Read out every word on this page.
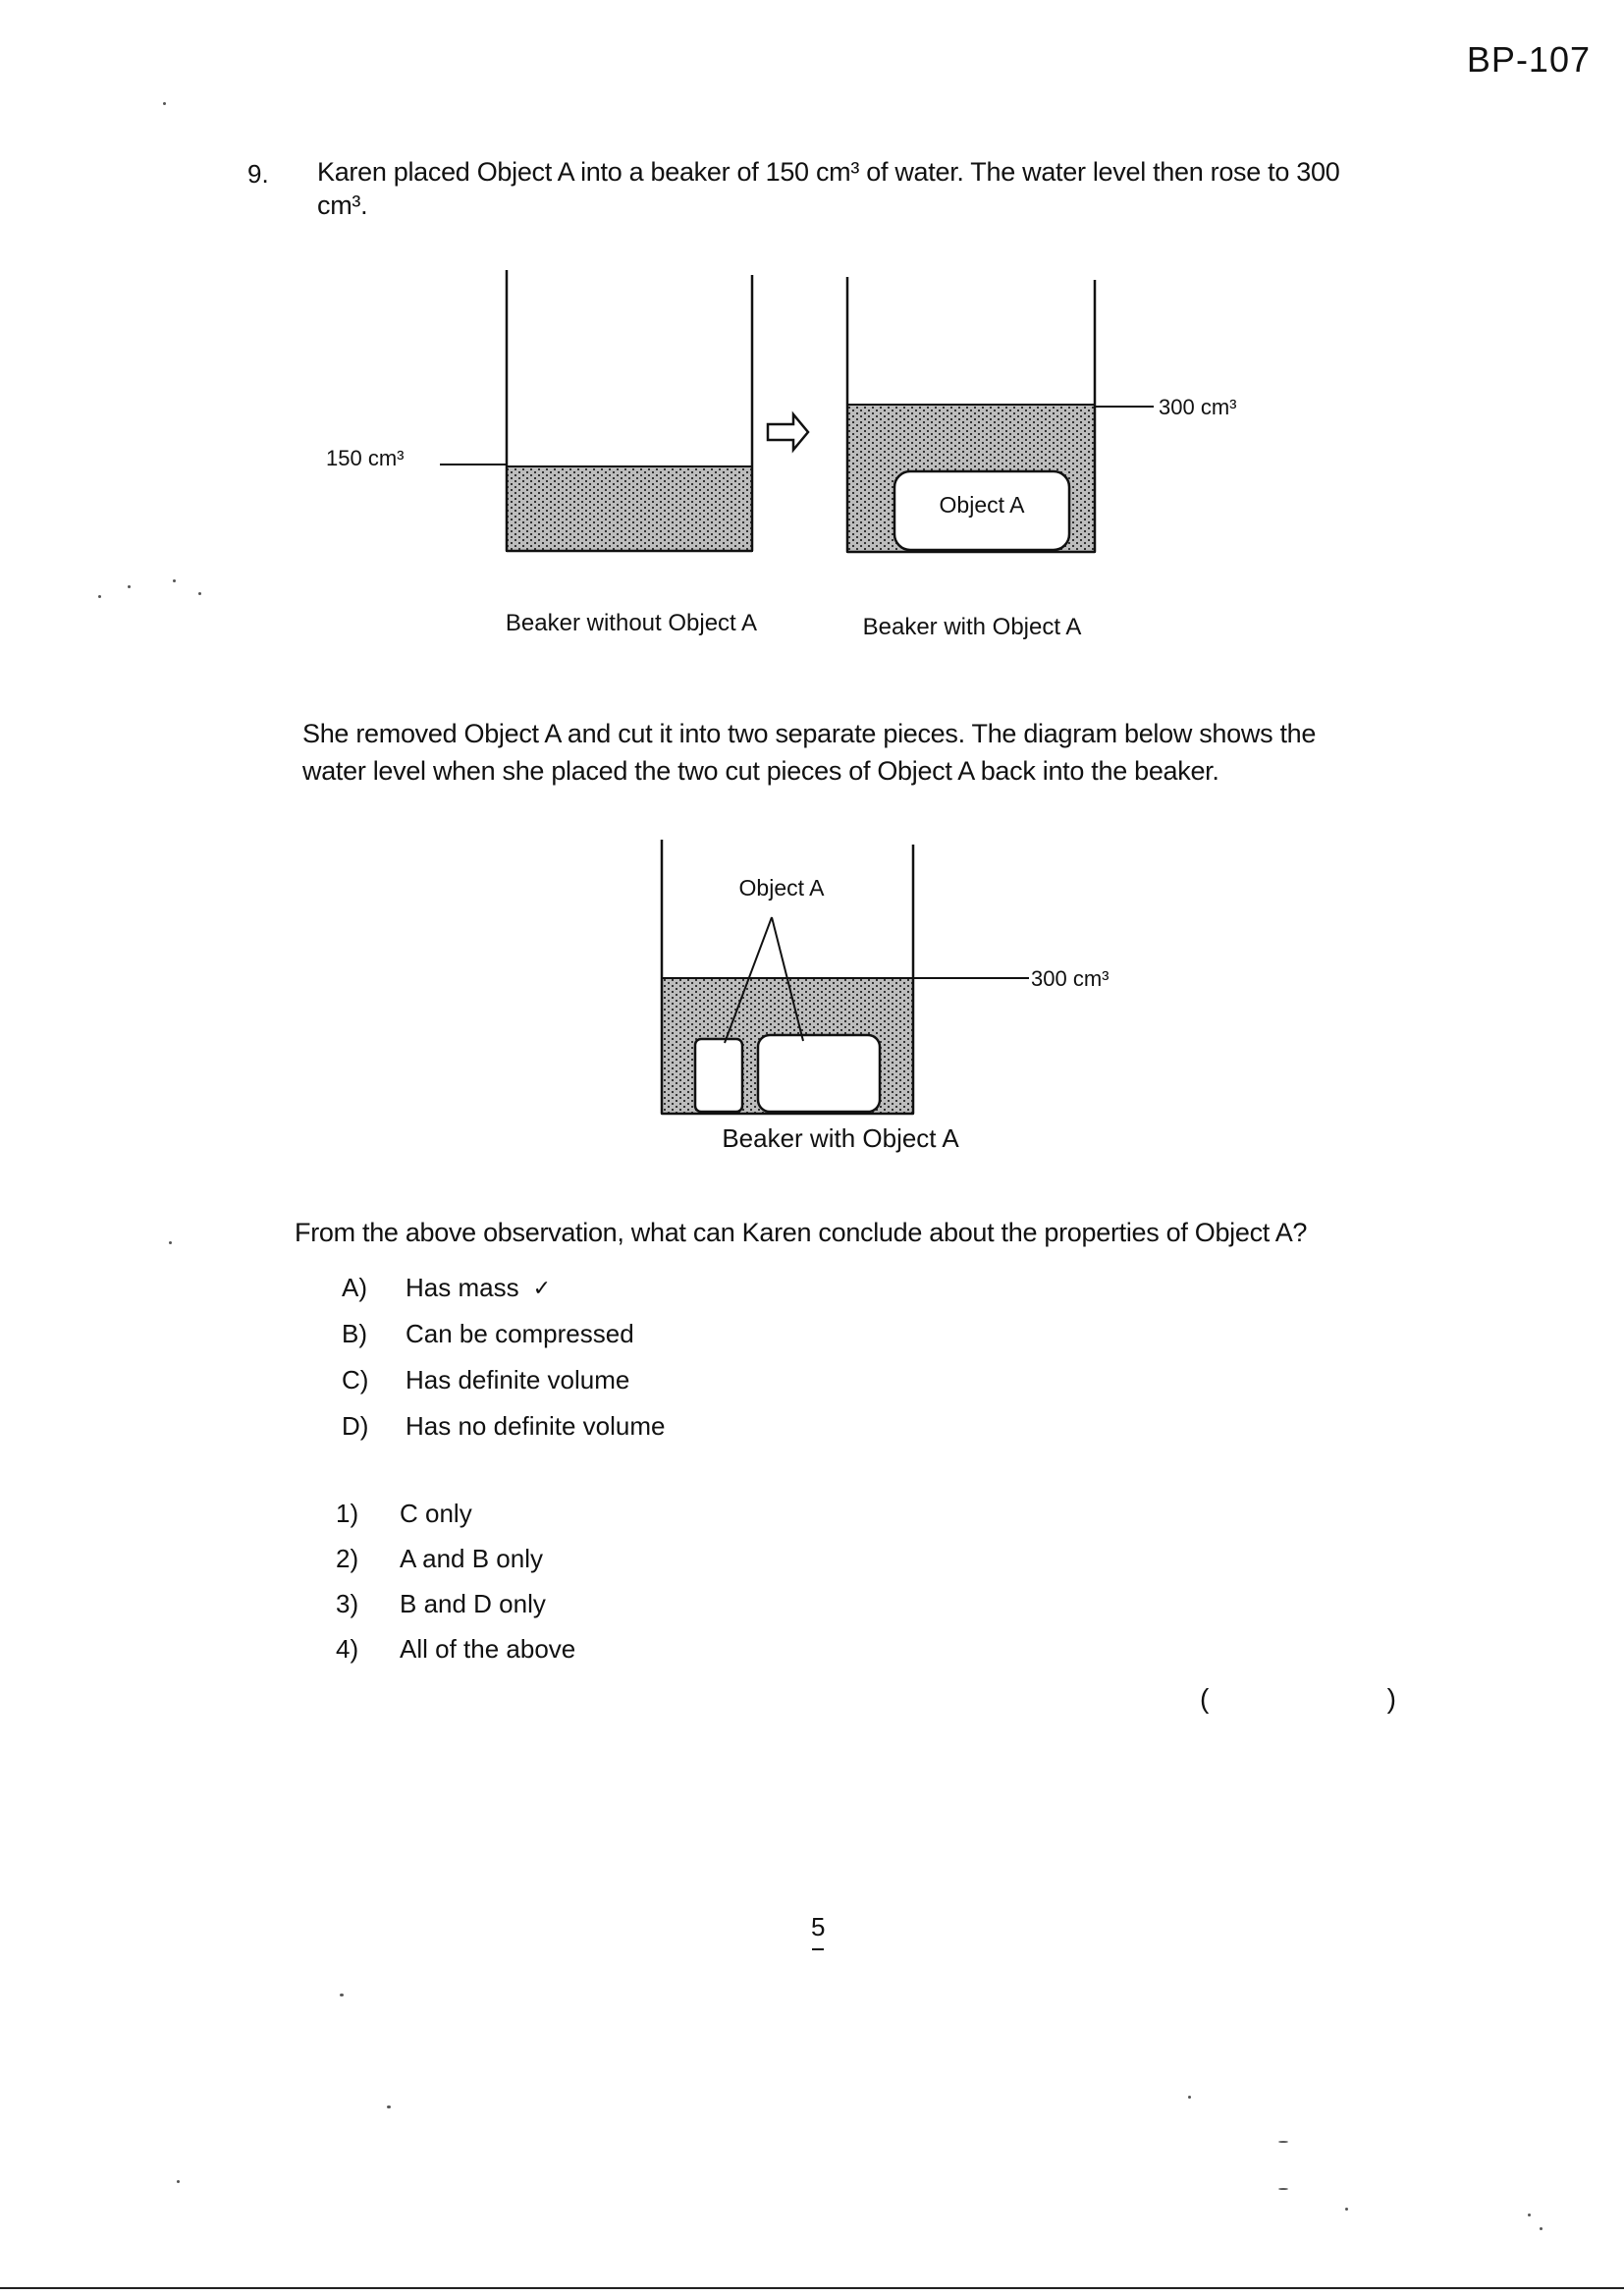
BP-107
9. Karen placed Object A into a beaker of 150 cm³ of water. The water level then rose to 300 cm³.
150 cm³
Object A
300 cm³
Beaker without Object A	Beaker with Object A
She removed Object A and cut it into two separate pieces. The diagram below shows the water level when she placed the two cut pieces of Object A back into the beaker.
Object A
300 cm³
Beaker with Object A
From the above observation, what can Karen conclude about the properties of Object A?
A)	Has mass ✓
B)	Can be compressed
C)	Has definite volume
D)	Has no definite volume
1)	C only
2)	A and B only
3)	B and D only
4)	All of the above
(	)
5
